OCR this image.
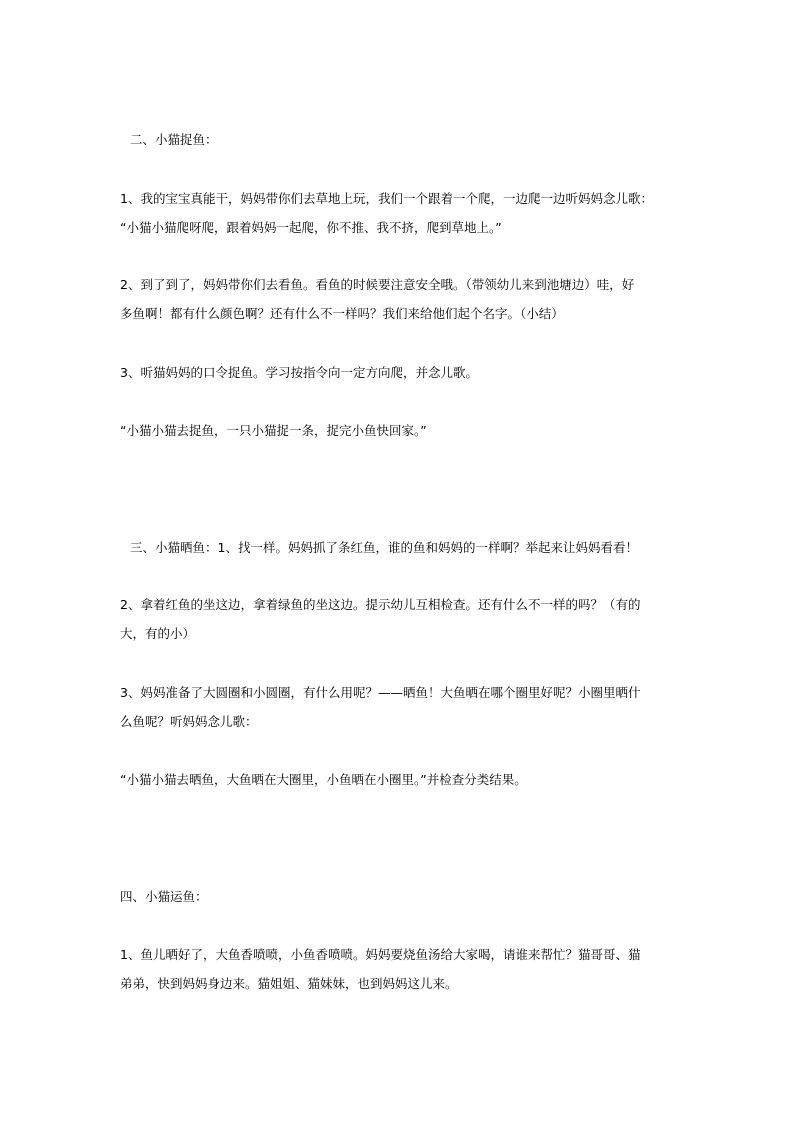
二、小猫捉鱼：

1、我的宝宝真能干，妈妈带你们去草地上玩，我们一个跟着一个爬，一边爬一边听妈妈念儿歌：

“小猫小猫爬呀爬，跟着妈妈一起爬，你不推、我不挤，爬到草地上。”

2、到了到了，妈妈带你们去看鱼。看鱼的时候要注意安全哦。（带领幼儿来到池塘边）哇，好

多鱼啊！都有什么颜色啊？还有什么不一样吗？我们来给他们起个名字。（小结）

3、听猫妈妈的口令捉鱼。学习按指令向一定方向爬，并念儿歌。

“小猫小猫去捉鱼，一只小猫捉一条，捉完小鱼快回家。”

三、小猫晒鱼：1、找一样。妈妈抓了条红鱼，谁的鱼和妈妈的一样啊？举起来让妈妈看看！

2、拿着红鱼的坐这边，拿着绿鱼的坐这边。提示幼儿互相检查。还有什么不一样的吗？（有的

大，有的小）

3、妈妈准备了大圆圈和小圆圈，有什么用呢？——晒鱼！大鱼晒在哪个圈里好呢？小圈里晒什

么鱼呢？听妈妈念儿歌：

“小猫小猫去晒鱼，大鱼晒在大圈里，小鱼晒在小圈里。”并检查分类结果。

四、小猫运鱼：

1、鱼儿晒好了，大鱼香喷喷，小鱼香喷喷。妈妈要烧鱼汤给大家喝，请谁来帮忙？猫哥哥、猫

弟弟，快到妈妈身边来。猫姐姐、猫妹妹，也到妈妈这儿来。
